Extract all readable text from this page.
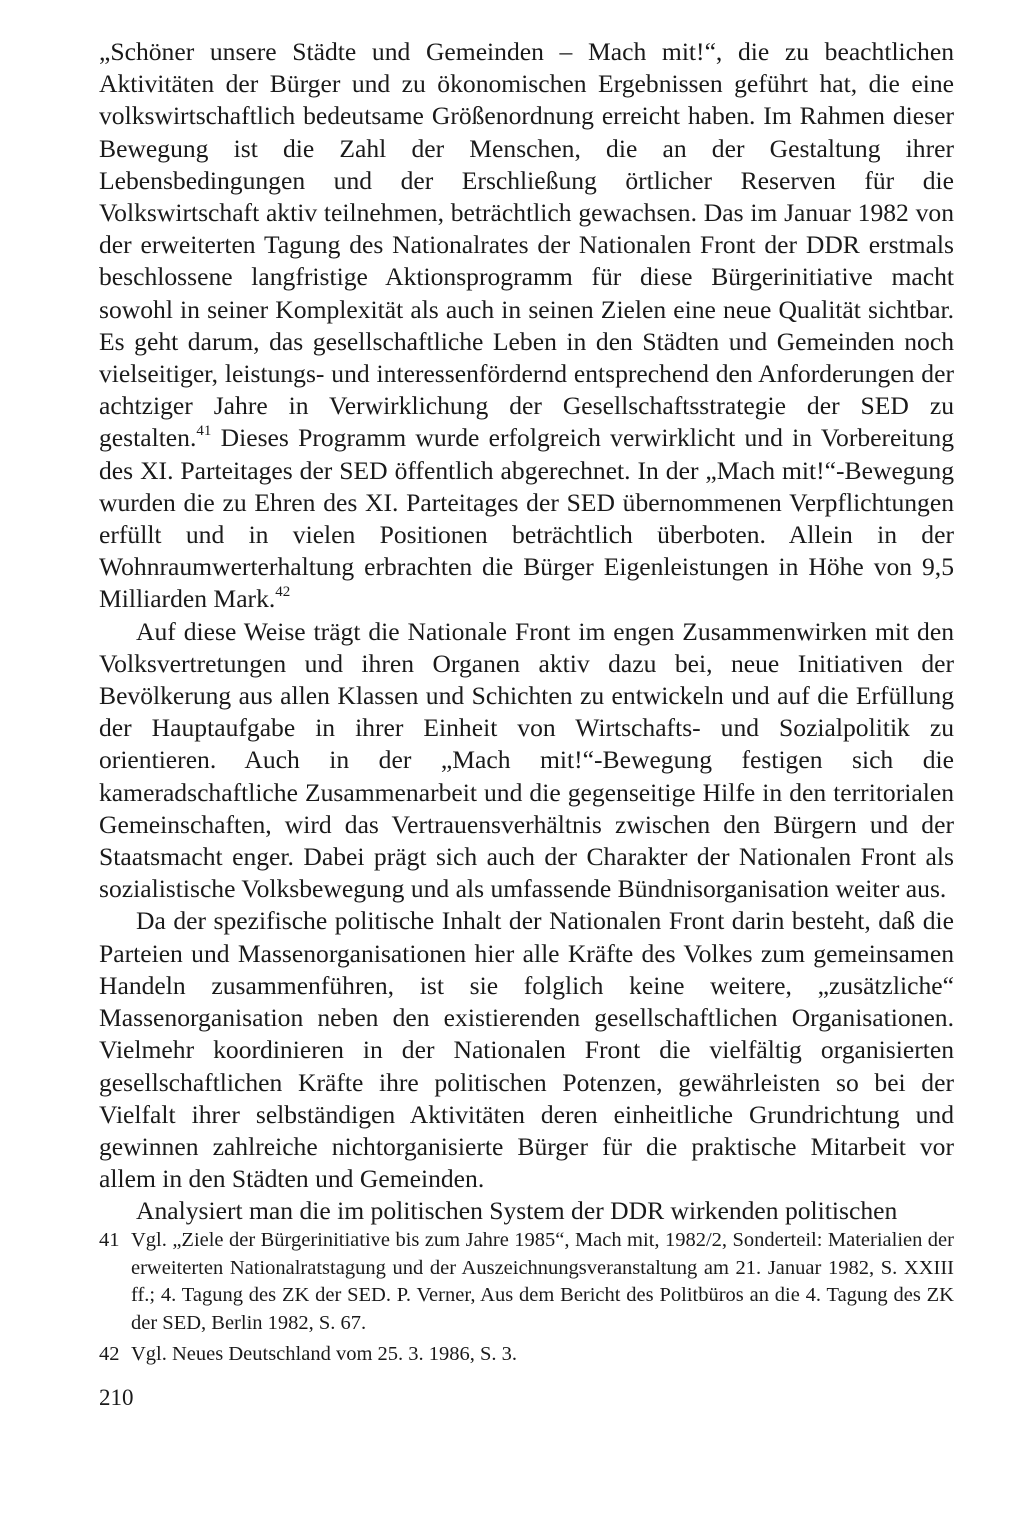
„Schöner unsere Städte und Gemeinden – Mach mit!“, die zu beachtlichen Aktivitäten der Bürger und zu ökonomischen Ergebnissen geführt hat, die eine volkswirtschaftlich bedeutsame Größenordnung erreicht haben. Im Rahmen dieser Bewegung ist die Zahl der Menschen, die an der Gestaltung ihrer Lebensbedingungen und der Erschließung örtlicher Reserven für die Volkswirtschaft aktiv teilnehmen, beträchtlich gewachsen. Das im Januar 1982 von der erweiterten Tagung des Nationalrates der Nationalen Front der DDR erstmals beschlossene langfristige Aktionsprogramm für diese Bürgerinitiative macht sowohl in seiner Komplexität als auch in seinen Zielen eine neue Qualität sichtbar. Es geht darum, das gesellschaftliche Leben in den Städten und Gemeinden noch vielseitiger, leistungs- und interessenfördernd entsprechend den Anforderungen der achtziger Jahre in Verwirklichung der Gesellschaftsstrategie der SED zu gestalten.$^{41}$ Dieses Programm wurde erfolgreich verwirklicht und in Vorbereitung des XI. Parteitages der SED öffentlich abgerechnet. In der „Mach mit!“-Bewegung wurden die zu Ehren des XI. Parteitages der SED übernommenen Verpflichtungen erfüllt und in vielen Positionen beträchtlich überboten. Allein in der Wohnraumwerterhaltung erbrachten die Bürger Eigenleistungen in Höhe von 9,5 Milliarden Mark.$^{42}$

Auf diese Weise trägt die Nationale Front im engen Zusammenwirken mit den Volksvertretungen und ihren Organen aktiv dazu bei, neue Initiativen der Bevölkerung aus allen Klassen und Schichten zu entwickeln und auf die Erfüllung der Hauptaufgabe in ihrer Einheit von Wirtschafts- und Sozialpolitik zu orientieren. Auch in der „Mach mit!“-Bewegung festigen sich die kameradschaftliche Zusammenarbeit und die gegenseitige Hilfe in den territorialen Gemeinschaften, wird das Vertrauensverhältnis zwischen den Bürgern und der Staatsmacht enger. Dabei prägt sich auch der Charakter der Nationalen Front als sozialistische Volksbewegung und als umfassende Bündnisorganisation weiter aus.

Da der spezifische politische Inhalt der Nationalen Front darin besteht, daß die Parteien und Massenorganisationen hier alle Kräfte des Volkes zum gemeinsamen Handeln zusammenführen, ist sie folglich keine weitere, „zusätzliche“ Massenorganisation neben den existierenden gesellschaftlichen Organisationen. Vielmehr koordinieren in der Nationalen Front die vielfältig organisierten gesellschaftlichen Kräfte ihre politischen Potenzen, gewährleisten so bei der Vielfalt ihrer selbständigen Aktivitäten deren einheitliche Grundrichtung und gewinnen zahlreiche nichtorganisierte Bürger für die praktische Mitarbeit vor allem in den Städten und Gemeinden.

Analysiert man die im politischen System der DDR wirkenden politischen

41 Vgl. „Ziele der Bürgerinitiative bis zum Jahre 1985“, Mach mit, 1982/2, Sonderteil: Materialien der erweiterten Nationalratstagung und der Auszeichnungsveranstaltung am 21. Januar 1982, S. XXIII ff.; 4. Tagung des ZK der SED. P. Verner, Aus dem Bericht des Politbüros an die 4. Tagung des ZK der SED, Berlin 1982, S. 67.
42 Vgl. Neues Deutschland vom 25. 3. 1986, S. 3.
210
